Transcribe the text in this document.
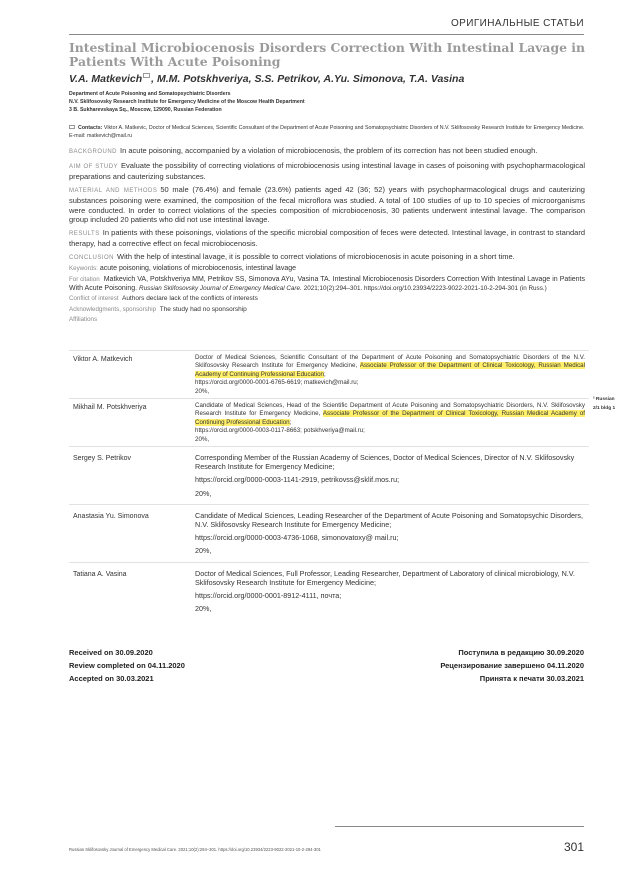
ОРИГИНАЛЬНЫЕ СТАТЬИ
Intestinal Microbiocenosis Disorders Correction With Intestinal Lavage in Patients With Acute Poisoning
V.A. Matkevich , M.M. Potskhveriya, S.S. Petrikov, A.Yu. Simonova, T.A. Vasina
Department of Acute Poisoning and Somatopsychiatric Disorders
N.V. Sklifosovsky Research Institute for Emergency Medicine of the Moscow Health Department
3 B. Sukharevskaya Sq., Moscow, 129090, Russian Federation
Contacts: Viktor A. Matkevic, Doctor of Medical Sciences, Scientific Consultant of the Department of Acute Poisoning and Somatopsychiatric Disorders of N.V. Sklifosovsky Research Institute for Emergency Medicine. E-mail: matkevich@mail.ru

BACKGROUND In acute poisoning, accompanied by a violation of microbiocenosis, the problem of its correction has not been studied enough.

AIM OF STUDY Evaluate the possibility of correcting violations of microbiocenosis using intestinal lavage in cases of poisoning with psychopharmacological preparations and cauterizing substances.

MATERIAL AND METHODS 50 male (76.4%) and female (23.6%) patients aged 42 (36; 52) years with psychopharmacological drugs and cauterizing substances poisoning were examined, the composition of the fecal microflora was studied. A total of 100 studies of up to 10 species of microorganisms were conducted. In order to correct violations of the species composition of microbiocenosis, 30 patients underwent intestinal lavage. The comparison group included 20 patients who did not use intestinal lavage.

RESULTS In patients with these poisonings, violations of the specific microbial composition of feces were detected. Intestinal lavage, in contrast to standard therapy, had a corrective effect on fecal microbiocenosis.

CONCLUSION With the help of intestinal lavage, it is possible to correct violations of microbiocenosis in acute poisoning in a short time.

Keywords: acute poisoning, violations of microbiocenosis, intestinal lavage
For citation Matkevich VA, Potskhveriya MM, Petrikov SS, Simonova AYu, Vasina TA. Intestinal Microbiocenosis Disorders Correction With Intestinal Lavage in Patients With Acute Poisoning. Russian Sklifosovsky Journal of Emergency Medical Care. 2021;10(2):294–301. https://doi.org/10.23934/2223-9022-2021-10-2-294-301 (in Russ.)
Conflict of interest Authors declare lack of the conflicts of interests
Acknowledgments, sponsorship The study had no sponsorship
Affiliations
Viktor A. Matkevich	Doctor of Medical Sciences, Scientific Consultant of the Department of Acute Poisoning and Somatopsychiatric Disorders of the N.V. Sklifosovsky Research Institute for Emergency Medicine, Associate Professor of the Department of Clinical Toxicology, Russian Medical Academy of Continuing Professional Education;
https://orcid.org/0000-0001-6765-6619; matkevich@mail.ru;
20%,
Mikhail M. Potskhveriya	Candidate of Medical Sciences, Head of the Scientific Department of Acute Poisoning and Somatopsychiatric Disorders, N.V. Sklifosovsky Research Institute for Emergency Medicine, Associate Professor of the Department of Clinical Toxicology, Russian Medical Academy of Continuing Professional Education;
https://orcid.org/0000-0003-0117-8663; potskhveriya@mail.ru;
20%,
Sergey S. Petrikov	Corresponding Member of the Russian Academy of Sciences, Doctor of Medical Sciences, Director of N.V. Sklifosovsky Research Institute for Emergency Medicine;
https://orcid.org/0000-0003-1141-2919, petrikovss@sklif.mos.ru;
20%,
Anastasia Yu. Simonova	Candidate of Medical Sciences, Leading Researcher of the Department of Acute Poisoning and Somatopsychic Disorders, N.V. Sklifosovsky Research Institute for Emergency Medicine;
https://orcid.org/0000-0003-4736-1068, simonovatoxy@ mail.ru;
20%,
Tatiana A. Vasina	Doctor of Medical Sciences, Full Professor, Leading Researcher, Department of Laboratory of clinical microbiology, N.V. Sklifosovsky Research Institute for Emergency Medicine;
https://orcid.org/0000-0001-8912-4111, почта;
20%,
² Russian
2/1 bldg 1
Received on 30.09.2020
Review completed on 04.11.2020
Accepted on 30.03.2021
Поступила в редакцию 30.09.2020
Рецензирование завершено 04.11.2020
Принята к печати 30.03.2021
Russian Sklifosovsky Journal of Emergency Medical Care. 2021;10(2):294–301. https://doi.org/10.23934/2223-9022-2021-10-2-294-301	301
